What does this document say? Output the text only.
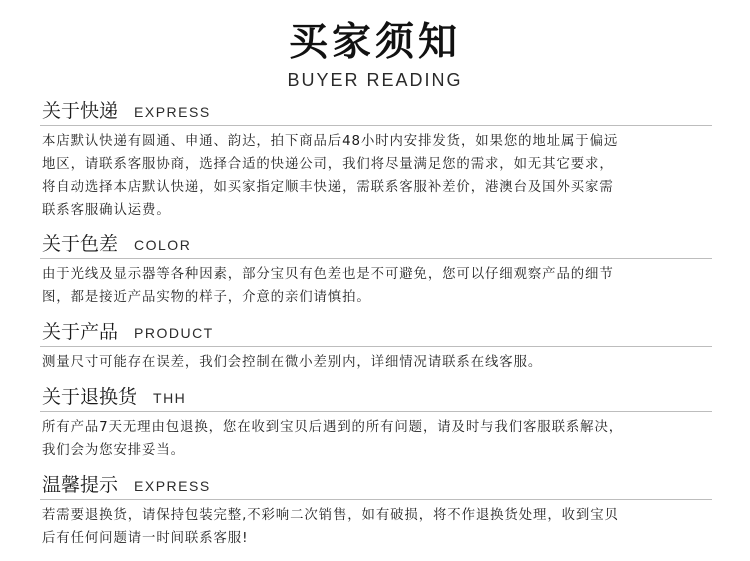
买家须知
BUYER READING
关于快递 EXPRESS
本店默认快递有圆通、申通、韵达，拍下商品后48小时内安排发货，如果您的地址属于偏远
地区，请联系客服协商，选择合适的快递公司，我们将尽量满足您的需求，如无其它要求，
将自动选择本店默认快递，如买家指定顺丰快递，需联系客服补差价，港澳台及国外买家需
联系客服确认运费。
关于色差 COLOR
由于光线及显示器等各种因素，部分宝贝有色差也是不可避免，您可以仔细观察产品的细节
图，都是接近产品实物的样子，介意的亲们请慎拍。
关于产品 PRODUCT
测量尺寸可能存在误差，我们会控制在微小差别内，详细情况请联系在线客服。
关于退换货 THH
所有产品7天无理由包退换，您在收到宝贝后遇到的所有问题，请及时与我们客服联系解决，
我们会为您安排妥当。
温馨提示 EXPRESS
若需要退换货，请保持包装完整,不彩响二次销售，如有破损，将不作退换货处理，收到宝贝
后有任何问题请一时间联系客服!
